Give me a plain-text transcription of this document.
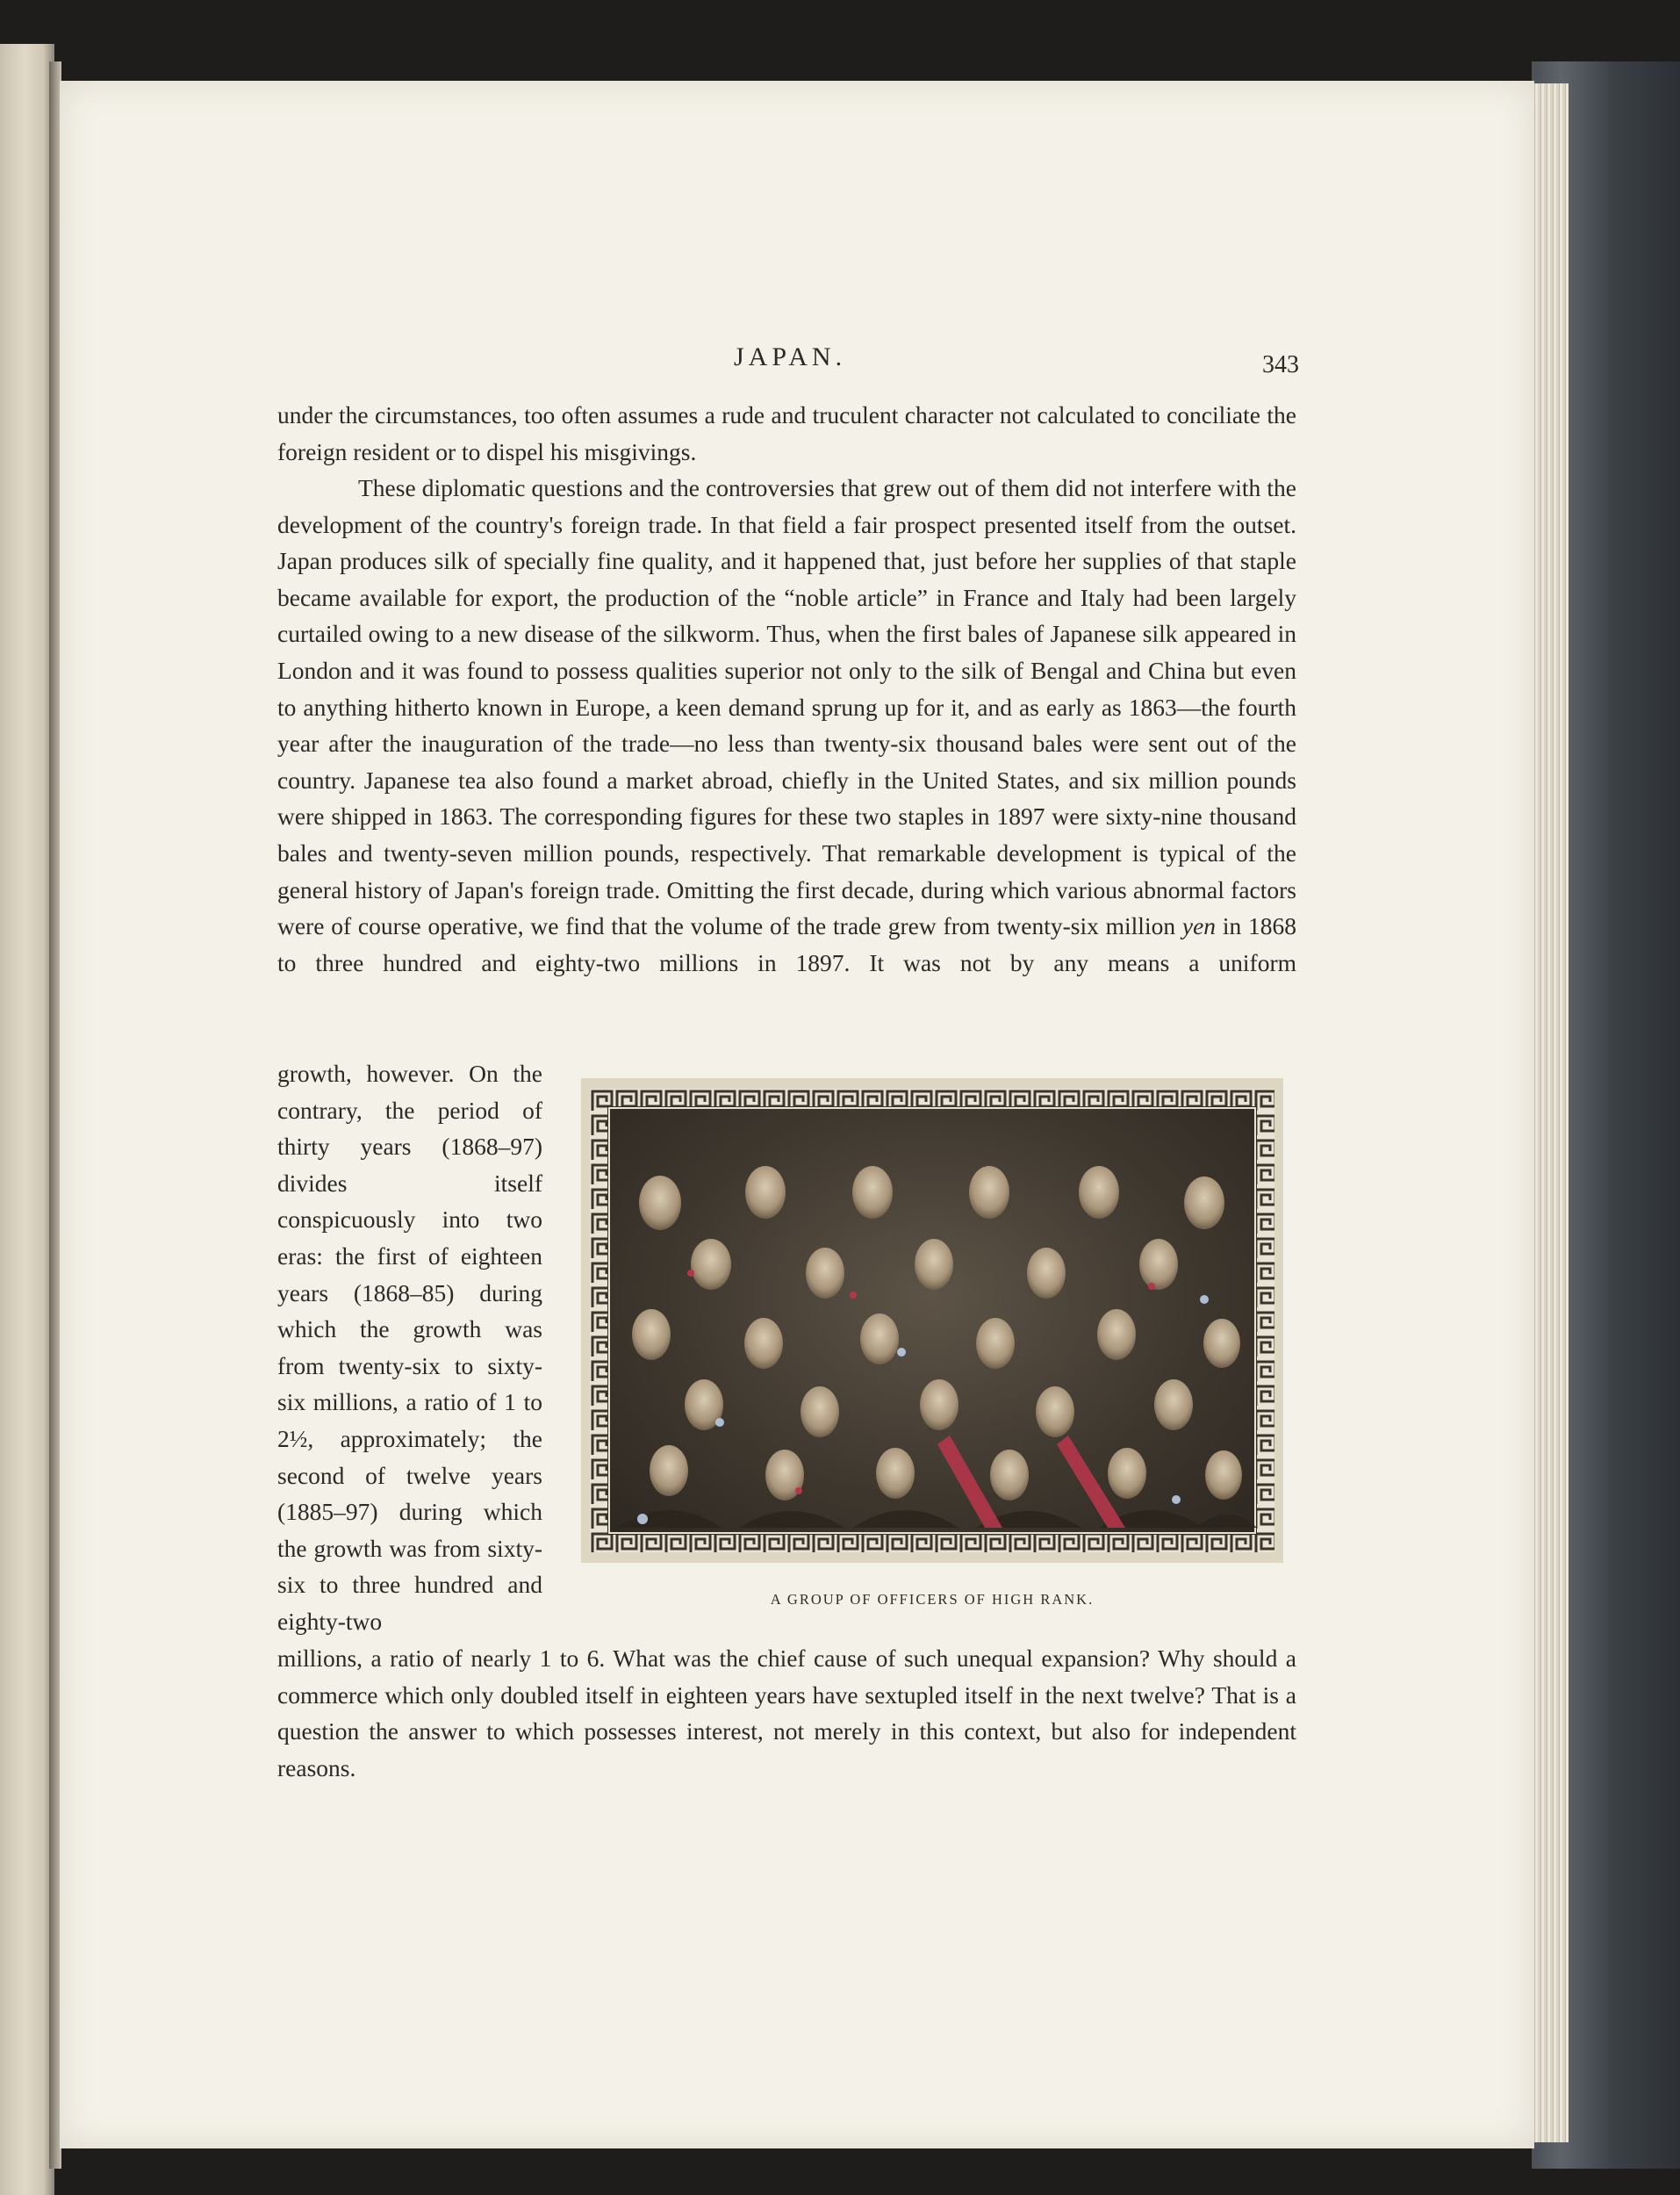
JAPAN.	343

under the circumstances, too often assumes a rude and truculent character not calculated to conciliate the foreign resident or to dispel his misgivings.

These diplomatic questions and the controversies that grew out of them did not interfere with the development of the country's foreign trade. In that field a fair prospect presented itself from the outset. Japan produces silk of specially fine quality, and it happened that, just before her supplies of that staple became available for export, the production of the “noble article” in France and Italy had been largely curtailed owing to a new disease of the silkworm. Thus, when the first bales of Japanese silk appeared in London and it was found to possess qualities superior not only to the silk of Bengal and China but even to anything hitherto known in Europe, a keen demand sprung up for it, and as early as 1863—the fourth year after the inauguration of the trade—no less than twenty-six thousand bales were sent out of the country. Japanese tea also found a market abroad, chiefly in the United States, and six million pounds were shipped in 1863. The corresponding figures for these two staples in 1897 were sixty-nine thousand bales and twenty-seven million pounds, respectively. That remarkable development is typical of the general history of Japan's foreign trade. Omitting the first decade, during which various abnormal factors were of course operative, we find that the volume of the trade grew from twenty-six million yen in 1868 to three hundred and eighty-two millions in 1897. It was not by any means a uniform

growth, however. On the contrary, the period of thirty years (1868–97) divides itself conspicuously into two eras: the first of eighteen years (1868–85) during which the growth was from twenty-six to sixty-six millions, a ratio of 1 to 2½, approximately; the second of twelve years (1885–97) during which the growth was from sixty-six to three hundred and eighty-two

A GROUP OF OFFICERS OF HIGH RANK.

millions, a ratio of nearly 1 to 6. What was the chief cause of such unequal expansion? Why should a commerce which only doubled itself in eighteen years have sextupled itself in the next twelve? That is a question the answer to which possesses interest, not merely in this context, but also for independent reasons.
